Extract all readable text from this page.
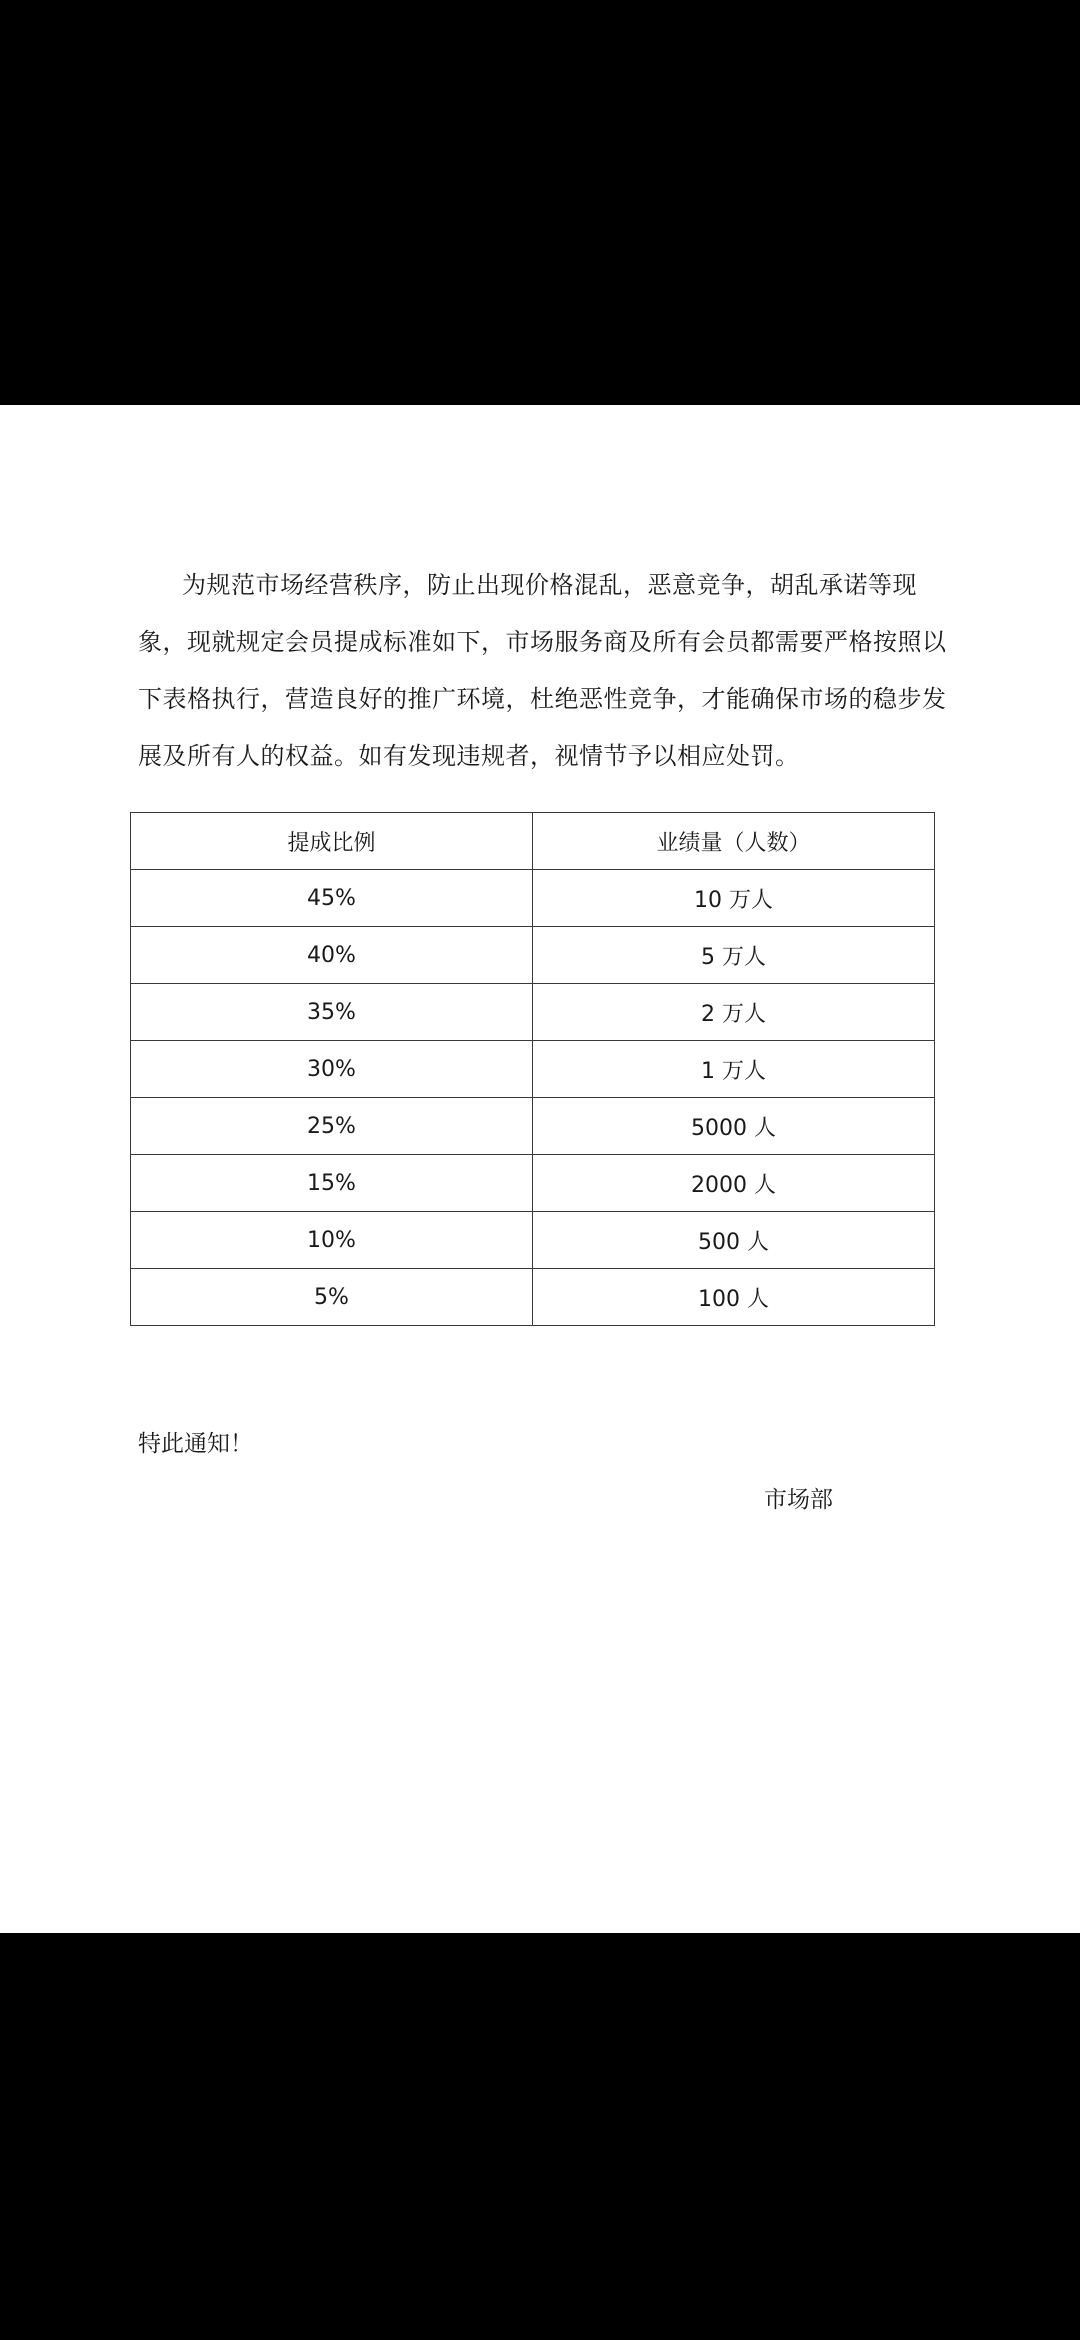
为规范市场经营秩序，防止出现价格混乱，恶意竞争，胡乱承诺等现象，现就规定会员提成标准如下，市场服务商及所有会员都需要严格按照以下表格执行，营造良好的推广环境，杜绝恶性竞争，才能确保市场的稳步发展及所有人的权益。如有发现违规者，视情节予以相应处罚。

提成比例	业绩量（人数）
45%	10 万人
40%	5 万人
35%	2 万人
30%	1 万人
25%	5000 人
15%	2000 人
10%	500 人
5%	100 人
特此通知！
市场部
